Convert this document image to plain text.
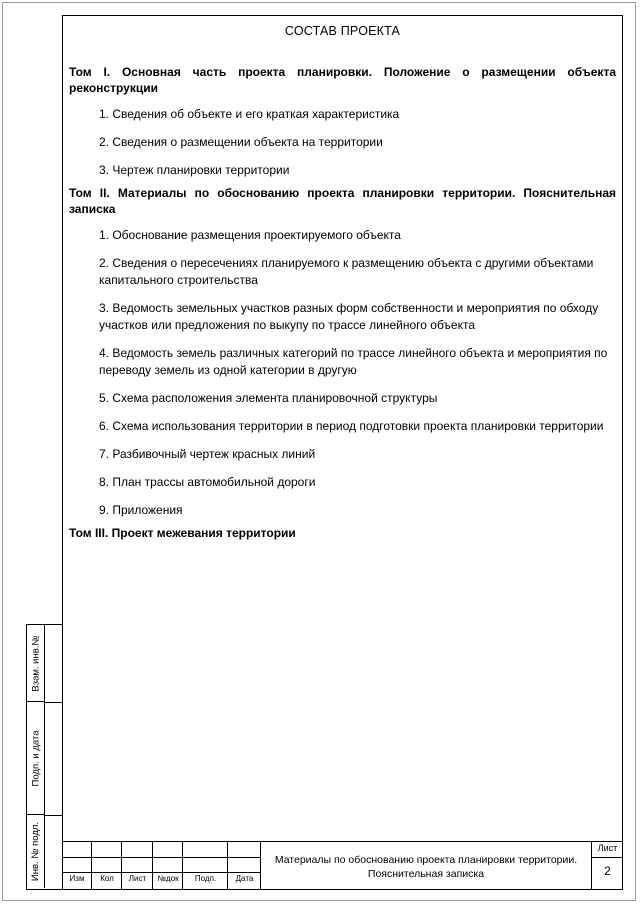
СОСТАВ ПРОЕКТА
Том I. Основная часть проекта планировки. Положение о размещении объекта реконструкции
1. Сведения об объекте и его краткая характеристика
2. Сведения о размещении объекта на территории
3. Чертеж планировки территории
Том II. Материалы по обоснованию проекта планировки территории. Пояснительная записка
1. Обоснование размещения проектируемого объекта
2. Сведения о пересечениях планируемого к размещению объекта с другими объектами капитального строительства
3. Ведомость земельных участков разных форм собственности и мероприятия по обходу участков или предложения по выкупу по трассе линейного объекта
4. Ведомость земель различных категорий по трассе линейного объекта и мероприятия по переводу земель из одной категории в другую
5. Схема расположения элемента планировочной структуры
6. Схема использования территории в период подготовки проекта планировки территории
7. Разбивочный чертеж красных линий
8. План трассы автомобильной дороги
9. Приложения
Том III. Проект межевания территории
Взам. инв.№
Подп. и дата
Инв. № подл.	Изм	Кол	Лист	№док	Подп.	Дата
Материалы по обоснованию проекта планировки территории. Пояснительная записка
Лист
2
